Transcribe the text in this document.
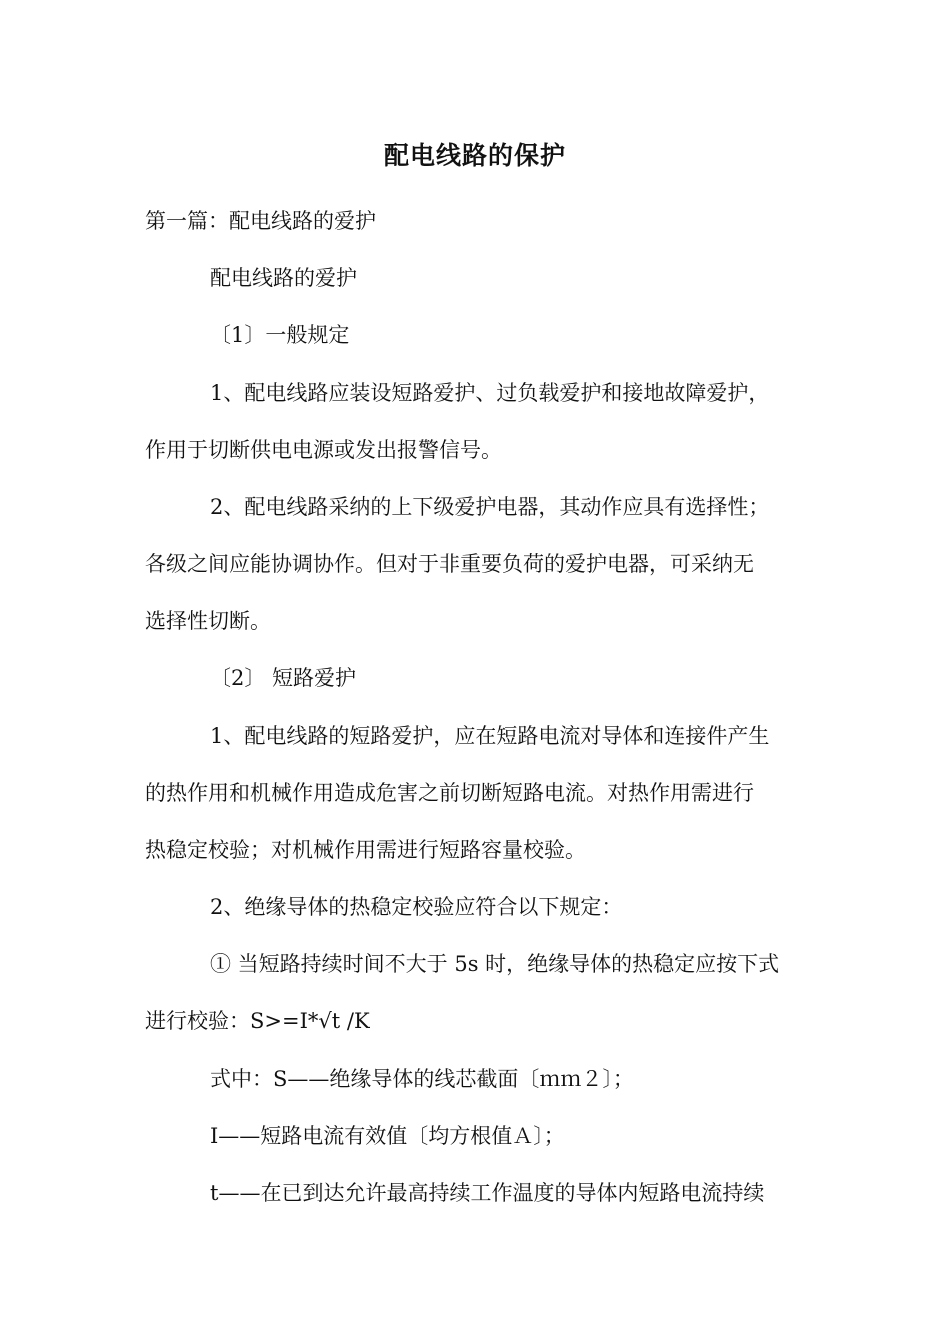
配电线路的保护
第一篇：配电线路的爱护
配电线路的爱护
〔1〕一般规定
1、配电线路应装设短路爱护、过负载爱护和接地故障爱护，
作用于切断供电电源或发出报警信号。
2、配电线路采纳的上下级爱护电器，其动作应具有选择性；
各级之间应能协调协作。但对于非重要负荷的爱护电器，可采纳无
选择性切断。
〔2〕 短路爱护
1、配电线路的短路爱护，应在短路电流对导体和连接件产生
的热作用和机械作用造成危害之前切断短路电流。对热作用需进行
热稳定校验；对机械作用需进行短路容量校验。
2、绝缘导体的热稳定校验应符合以下规定：
① 当短路持续时间不大于 5s 时，绝缘导体的热稳定应按下式
进行校验：S>=I*√t /K
式中：S——绝缘导体的线芯截面〔ｍｍ２〕；
I——短路电流有效值〔均方根值Ａ〕；
t——在已到达允许最高持续工作温度的导体内短路电流持续
